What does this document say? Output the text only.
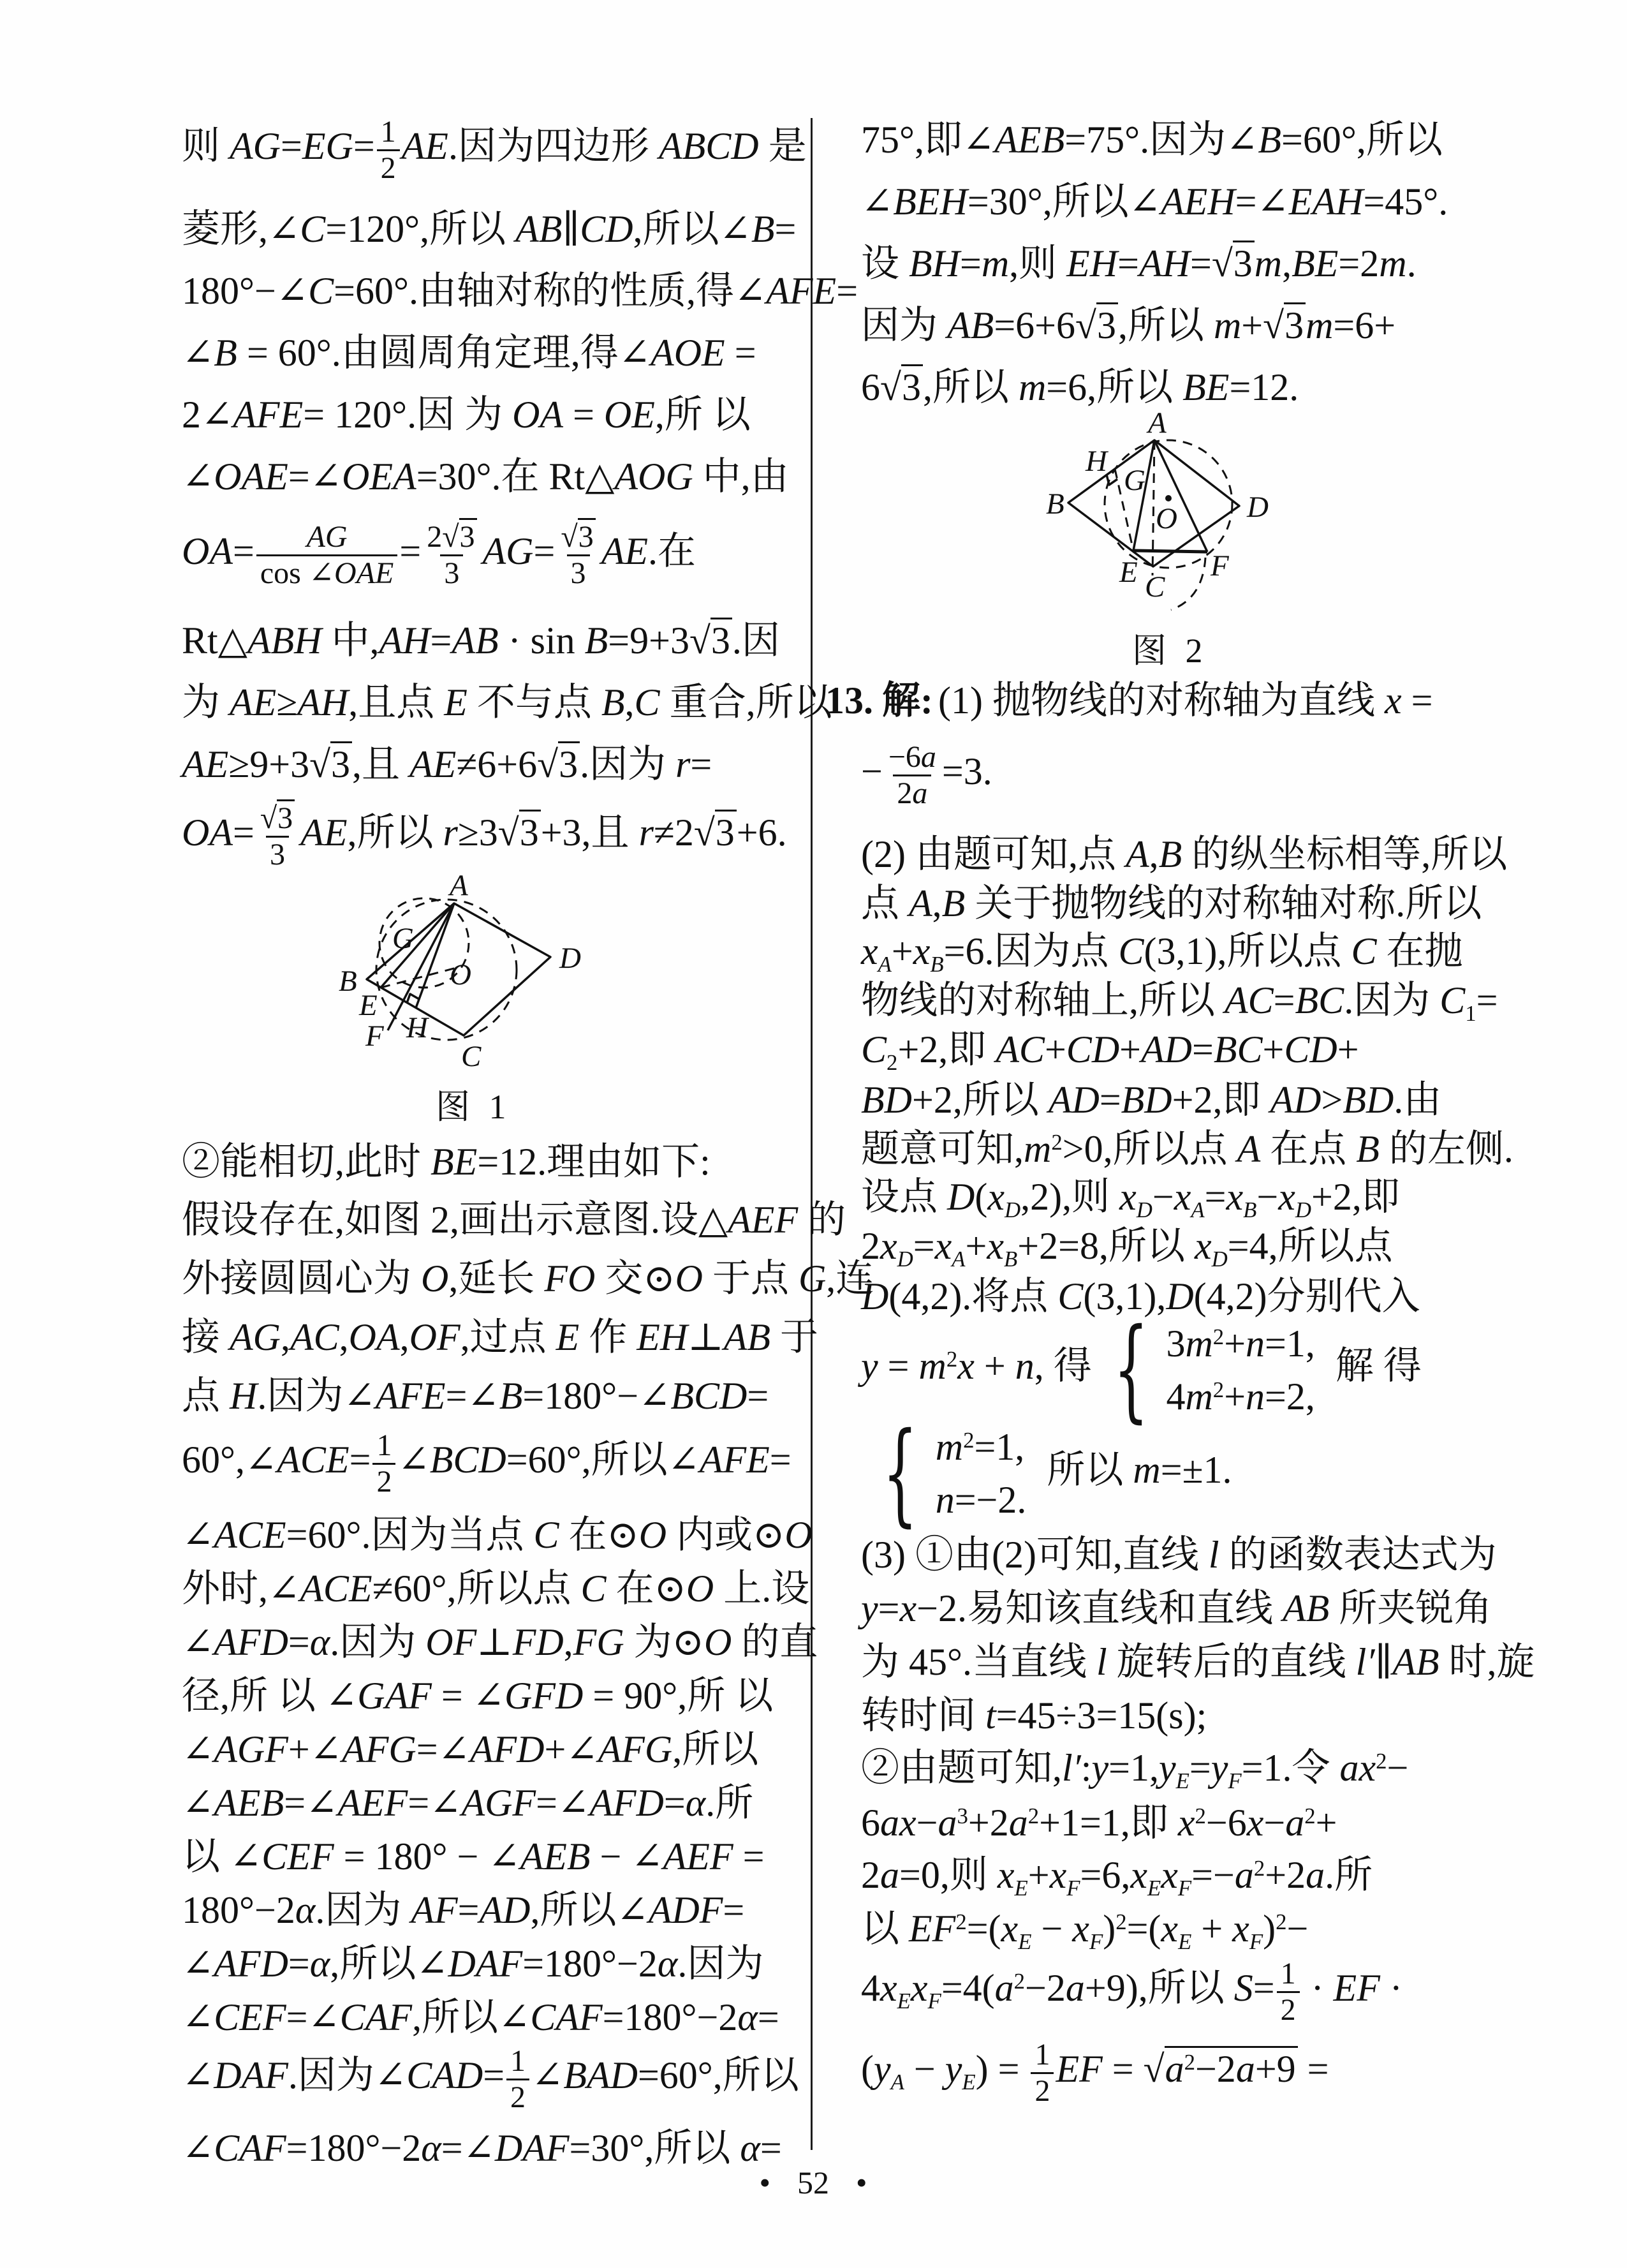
则 $AG=EG= \frac{1}{2}$ AE.因为四边形 ABCD 是
菱形,∠C=120°,所以 AB∥CD,所以∠B=
180°−∠C=60°.由轴对称的性质,得∠AFE=
∠B = 60°.由圆周角定理,得∠AOE =
2∠AFE= 120°.因 为 OA = OE,所 以
∠OAE=∠OEA=30°.在 Rt△AOG 中,由
OA= AG
cos ∠OAE
= $\frac{2√3}{3} AG= \frac{√3}{3}$ AE.在
Rt△ABH 中,AH=AB · sin B=9+3√3.因
为 AE≥AH,且点 E 不与点 B,C 重合,所以
AE≥9+3√3,且 AE≠6+6√3.因为 r=
$OA= \frac{√3}{3}$ AE,所以 r≥3√3+3,且 r≠2√3+6.
②能相切,此时 BE=12.理由如下:
假设存在,如图 2,画出示意图.设△AEF 的
外接圆圆心为 O,延长 FO 交⊙O 于点 G,连
接 AG,AC,OA,OF,过点 E 作 EH⊥AB 于
点 H.因为∠AFE=∠B=180°−∠BCD=
60°,∠ACE= $\frac{1}{2}$ ∠BCD=60°,所以∠AFE=
∠ACE=60°.因为当点 C 在⊙O 内或⊙O
外时,∠ACE≠60°,所以点 C 在⊙O 上.设
∠AFD=α.因为 OF⊥FD,FG 为⊙O 的直
径,所 以 ∠GAF = ∠GFD = 90°,所 以
∠AGF+∠AFG=∠AFD+∠AFG,所以
∠AEB=∠AEF=∠AGF=∠AFD=α.所
以 ∠CEF = 180° − ∠AEB − ∠AEF =
180°−2α.因为 AF=AD,所以∠ADF=
∠AFD=α,所以∠DAF=180°−2α.因为
∠CEF=∠CAF,所以∠CAF=180°−2α=
∠DAF.因为∠CAD= $\frac{1}{2}$ ∠BAD=60°,所以
∠CAF=180°−2α=∠DAF=30°,所以 α=
75°,即∠AEB=75°.因为∠B=60°,所以
∠BEH=30°,所以∠AEH=∠EAH=45°.
设 BH=m,则 EH=AH=√3m,BE=2m.
因为 AB=6+6√3,所以 m+√3m=6+
6√3,所以 m=6,所以 BE=12.
13. 解: (1) 抛物线的对称轴为直线 x =
− $\frac{-6a}{2a} =3$.
(2) 由题可知,点 A,B 的纵坐标相等,所以
点 A,B 关于抛物线的对称轴对称.所以
$x_A+x_B=6$.因为点 C(3,1),所以点 C 在抛
物线的对称轴上,所以 AC=BC.因为 $C_1=$
$C_2+2$,即 AC+CD+AD=BC+CD+
BD+2,所以 AD=BD+2,即 AD>BD.由
题意可知$,m^2>0$,所以点 A 在点 B 的左侧.
设点 $D(x_D,2)$,则 $x_D-x_A=x_B-x_D+2$,即
$2x_D=x_A+x_B+2=8$,所以 $x_D=4$,所以点
D(4,2).将点 C(3,1),D(4,2)分别代入
$y = m^2x + n$, 得 { $3m^2+n=1$,
$4m^2+n=2$,
解 得
{ $m^2=1$,
n=−2.
所以 m=±1.
(3) ①由(2)可知,直线 l 的函数表达式为
y=x−2.易知该直线和直线 AB 所夹锐角
为 45°.当直线 l 旋转后的直线 l′∥AB 时,旋
转时间 t=45÷3=15(s);
②由题可知$,l':y=1,y_E=y_F=1$.令 $ax^2-$
$6ax-a^3+2a^2+1=1$,即 $x^2-6x-a^2+$
2a=0,则 $x_E+x_F=6,x_Ex_F=-a^2+2a$.所
以 $EF^2=(x_E - x_F)^2=(x_E + x_F)^2-$
$4x_Ex_F=4(a^2-2a+9)$,所以 $S= \frac{1}{2}$ · EF ·
$(y_A - y_E) = \frac{1}{2}$ EF = $√a^2-2a+9$ =
A
B
C
D
E
F
G
H
O
图 1
A
B
C
D
E F
G
H
O
图 2
• 52 •
